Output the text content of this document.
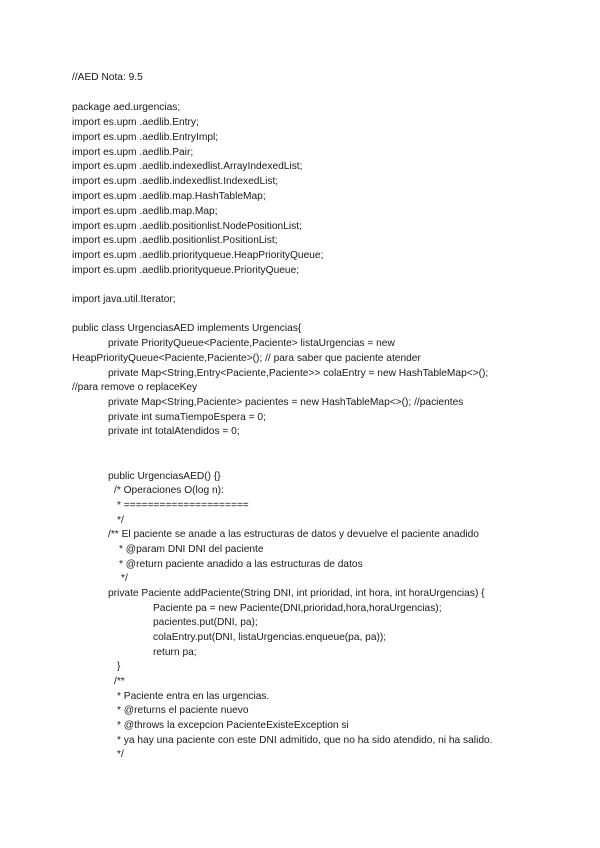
//AED Nota: 9.5
package aed.urgencias;
import es.upm .aedlib.Entry;
import es.upm .aedlib.EntryImpl;
import es.upm .aedlib.Pair;
import es.upm .aedlib.indexedlist.ArrayIndexedList;
import es.upm .aedlib.indexedlist.IndexedList;
import es.upm .aedlib.map.HashTableMap;
import es.upm .aedlib.map.Map;
import es.upm .aedlib.positionlist.NodePositionList;
import es.upm .aedlib.positionlist.PositionList;
import es.upm .aedlib.priorityqueue.HeapPriorityQueue;
import es.upm .aedlib.priorityqueue.PriorityQueue;
import java.util.Iterator;
public class UrgenciasAED implements Urgencias{
private PriorityQueue<Paciente,Paciente> listaUrgencias = new
HeapPriorityQueue<Paciente,Paciente>(); // para saber que paciente atender
private Map<String,Entry<Paciente,Paciente>> colaEntry = new HashTableMap<>();
//para remove o replaceKey
private Map<String,Paciente> pacientes = new HashTableMap<>(); //pacientes
private int sumaTiempoEspera = 0;
private int totalAtendidos = 0;
public UrgenciasAED() {}
/* Operaciones O(log n):
* =====================
*/
/** El paciente se anade a las estructuras de datos y devuelve el paciente anadido
* @param DNI DNI del paciente
* @return paciente anadido a las estructuras de datos
*/
private Paciente addPaciente(String DNI, int prioridad, int hora, int horaUrgencias) {
Paciente pa = new Paciente(DNI,prioridad,hora,horaUrgencias);
pacientes.put(DNI, pa);
colaEntry.put(DNI, listaUrgencias.enqueue(pa, pa));
return pa;
}
/**
* Paciente entra en las urgencias.
* @returns el paciente nuevo
* @throws la excepcion PacienteExisteException si
* ya hay una paciente con este DNI admitido, que no ha sido atendido, ni ha salido.
*/
